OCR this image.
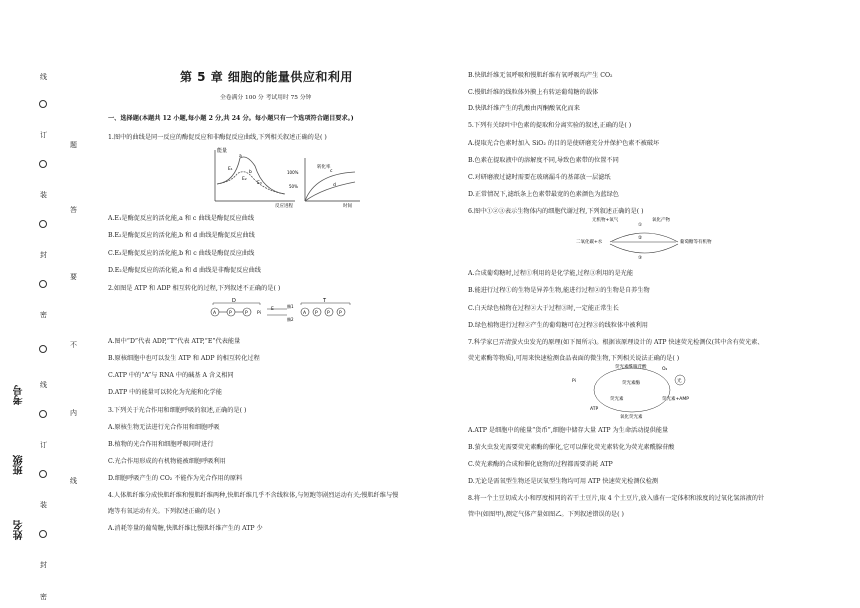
线
订
装
封
密
线
订
装
封
密
题
答
要
不
内
线
考号
班级
姓名
第 5 章 细胞的能量供应和利用
全卷满分 100 分 考试用时 75 分钟
一、选择题(本题共 12 小题,每小题 2 分,共 24 分。每小题只有一个选项符合题目要求。)
1.图中的曲线是同一反应的酶促反应和非酶促反应曲线,下列相关叙述正确的是( )
能量
a
b
E₁
E₂
E₃
反应进程
转化率
100%
50%
c
d
时间
A.E₁是酶促反应的活化能,a 和 c 曲线是酶促反应曲线
B.E₂是酶促反应的活化能,b 和 d 曲线是酶促反应曲线
C.E₃是酶促反应的活化能,b 和 c 曲线是酶促反应曲线
D.E₂是酶促反应的活化能,a 和 d 曲线是非酶促反应曲线
2.如图是 ATP 和 ADP 相互转化的过程,下列叙述不正确的是( )
D
A	P	P Pi
E
酶1
酶2
T
A P P P
A.图中“D”代表 ADP,“T”代表 ATP,“E”代表能量
B.原核细胞中也可以发生 ATP 和 ADP 的相互转化过程
C.ATP 中的“A”与 RNA 中的碱基 A 含义相同
D.ATP 中的能量可以转化为光能和化学能
3.下列关于光合作用和细胞呼吸的叙述,正确的是( )
A.原核生物无法进行光合作用和细胞呼吸
B.植物的光合作用和细胞呼吸同时进行
C.光合作用形成的有机物能被细胞呼吸利用
D.细胞呼吸产生的 CO₂ 不能作为光合作用的原料
4.人体肌纤维分成快肌纤维和慢肌纤维两种,快肌纤维几乎不含线粒体,与短跑等剧烈运动有关;慢肌纤维与慢
跑等有氧运动有关。下列叙述正确的是( )
A.消耗等量的葡萄糖,快肌纤维比慢肌纤维产生的 ATP 少
B.快肌纤维无氧呼吸和慢肌纤维有氧呼吸均产生 CO₂
C.慢肌纤维的线粒体外膜上有转运葡萄糖的载体
D.快肌纤维产生的乳酸由丙酮酸氧化而来
5.下列有关绿叶中色素的提取和分离实验的叙述,正确的是( )
A.提取光合色素时加入 SiO₂ 的目的是使研磨充分并保护色素不被破坏
B.色素在提取液中的溶解度不同,导致色素带的位置不同
C.对研磨液过滤时需要在玻璃漏斗的基部放一层滤纸
D.正常情况下,滤纸条上色素带最宽的色素颜色为蓝绿色
6.图中①②③表示生物体内的细胞代谢过程,下列叙述正确的是( )
无机物+氧气	氧化产物
①
二氧化碳+水	葡萄糖等有机物
②
③
A.合成葡萄糖时,过程①利用的是化学能,过程③利用的是光能
B.能进行过程①的生物是异养生物,能进行过程②的生物是自养生物
C.白天绿色植物在过程②大于过程③时,一定能正常生长
D.绿色植物进行过程②产生的葡萄糖可在过程③的线粒体中被利用
7.科学家已弄清萤火虫发光的原理(如下图所示)。根据该原理设计的 ATP 快速荧光检测仪(其中含有荧光素、
荧光素酶等物质),可用来快速检测食品表面的微生物,下列相关说法正确的是( )
荧光素酰腺苷酸	O₂
光
Pi	荧光素酶
荧光素
ATP
荧光素+AMP
氧化荧光素
A.ATP 是细胞中的能量“货币”,细胞中储存大量 ATP 为生命活动提供能量
B.萤火虫发光需要荧光素酶的催化,它可以催化荧光素转化为荧光素酰腺苷酸
C.荧光素酶的合成和催化底物的过程都需要消耗 ATP
D.无论是需氧型生物还是厌氧型生物均可用 ATP 快速荧光检测仪检测
8.将一个土豆切成大小和厚度相同的若干土豆片,取 4 个土豆片,放入盛有一定体积和浓度的过氧化氢溶液的针
管中(如图甲),测定气体产量如图乙。下列叙述错误的是( )
